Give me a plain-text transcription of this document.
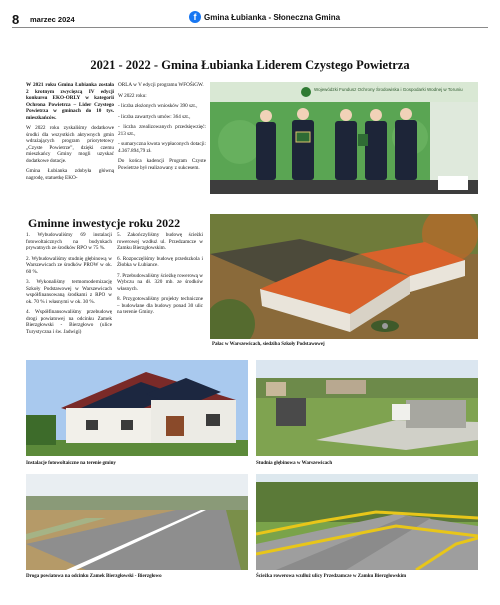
8 marzec 2024	f Gmina Łubianka - Słoneczna Gmina
2021 - 2022 - Gmina Łubianka Liderem Czystego Powietrza

W 2021 roku Gmina Łubianka została 2 krotnym zwycięzcą IV edycji konkursu EKO-ORLY w kategorii Ochrona Powietrza – Lider Czystego Powietrza w gminach do 10 tys. mieszkańców.

W 2022 roku zyskaliśmy dodatkowe środki dla wszystkich aktywnych gmin wdrażających program priorytetowy „Czyste Powietrze”, dzięki czemu mieszkańcy Gminy mogli uzyskać dodatkowe dotacje.

Gmina Łubianka zdobyła główną nagrodę, statuetkę EKO-

ORLA w V edycji programu WFOŚiGW.

W 2022 roku:

- liczba złożonych wniosków 390 szt.,

- liczba zawartych umów: 364 szt.,

- liczba zrealizowanych przedsięwzięć: 213 szt.,

- sumaryczna kwota wypłaconych dotacji: 4.367.894,79 zł.

Do końca kadencji Program Czyste Powietrze był realizowany z sukcesem.

Wojewódzki Fundusz Ochrony Środowiska i Gospodarki Wodnej w Toruniu
Gminne inwestycje roku 2022

1. Wybudowaliśmy 69 instalacji fotowoltaicznych na budynkach prywatnych ze środków RPO w 75 %.

2. Wybudowaliśmy studnię głębinową w Warszewicach ze środków PROW w ok. 60 %.

3. Wykonaliśmy termomodernizację Szkoły Podstawowej w Warszewicach współfinansowaną środkami z RPO w ok. 70 % i własnymi w ok. 30 %.

4. Współfinansowaliśmy przebudowę drogi powiatowej na odcinku Zamek Bierzgłowski - Bierzgłowo (ulice Turystyczna i św. Jadwigi)

5. Zakończyliśmy budowę ścieżki rowerowej wzdłuż ul. Przedzamcze w Zamku Bierzgłowskim.

6. Rozpoczęliśmy budowę przedszkola i Żłobka w Łubiance.

7. Przebudowaliśmy ścieżkę rowerową w Wybczu na dł. 320 mb. ze środków własnych.

8. Przygotowaliśmy projekty techniczne – budowlane dla budowy ponad 30 ulic na terenie Gminy.

Pałac w Warszewicach, siedziba Szkoły Podstawowej
Instalacje fotowoltaiczne na terenie gminy	Studnia głębinowa w Warszewicach
Droga powiatowa na odcinku Zamek Bierzgłowski - Bierzgłowo	Ścieżka rowerowa wzdłuż ulicy Przedzamcze w Zamku Bierzgłowskim
